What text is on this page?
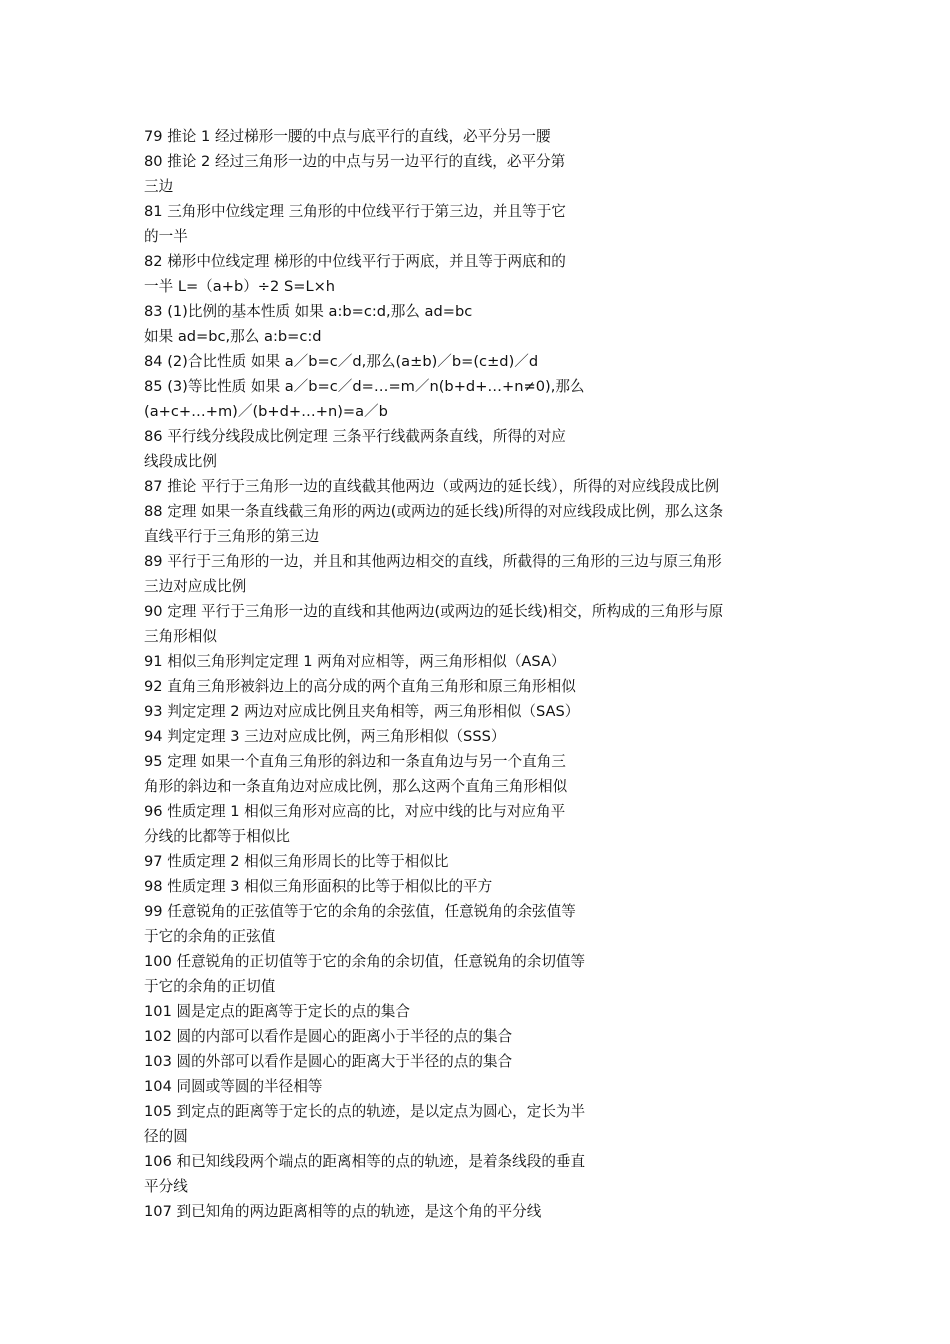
79 推论 1 经过梯形一腰的中点与底平行的直线，必平分另一腰
80 推论 2 经过三角形一边的中点与另一边平行的直线，必平分第
三边
81 三角形中位线定理 三角形的中位线平行于第三边，并且等于它
的一半
82 梯形中位线定理 梯形的中位线平行于两底，并且等于两底和的
一半 L=（a+b）÷2 S=L×h
83 (1)比例的基本性质 如果 a:b=c:d,那么 ad=bc
如果 ad=bc,那么 a:b=c:d
84 (2)合比性质 如果 a／b=c／d,那么(a±b)／b=(c±d)／d
85 (3)等比性质 如果 a／b=c／d=…=m／n(b+d+…+n≠0),那么
(a+c+…+m)／(b+d+…+n)=a／b
86 平行线分线段成比例定理 三条平行线截两条直线，所得的对应
线段成比例
87 推论 平行于三角形一边的直线截其他两边（或两边的延长线），所得的对应线段成比例
88 定理 如果一条直线截三角形的两边(或两边的延长线)所得的对应线段成比例，那么这条
直线平行于三角形的第三边
89 平行于三角形的一边，并且和其他两边相交的直线，所截得的三角形的三边与原三角形
三边对应成比例
90 定理 平行于三角形一边的直线和其他两边(或两边的延长线)相交，所构成的三角形与原
三角形相似
91 相似三角形判定定理 1 两角对应相等，两三角形相似（ASA）
92 直角三角形被斜边上的高分成的两个直角三角形和原三角形相似
93 判定定理 2 两边对应成比例且夹角相等，两三角形相似（SAS）
94 判定定理 3 三边对应成比例，两三角形相似（SSS）
95 定理 如果一个直角三角形的斜边和一条直角边与另一个直角三
角形的斜边和一条直角边对应成比例，那么这两个直角三角形相似
96 性质定理 1 相似三角形对应高的比，对应中线的比与对应角平
分线的比都等于相似比
97 性质定理 2 相似三角形周长的比等于相似比
98 性质定理 3 相似三角形面积的比等于相似比的平方
99 任意锐角的正弦值等于它的余角的余弦值，任意锐角的余弦值等
于它的余角的正弦值
100 任意锐角的正切值等于它的余角的余切值，任意锐角的余切值等
于它的余角的正切值
101 圆是定点的距离等于定长的点的集合
102 圆的内部可以看作是圆心的距离小于半径的点的集合
103 圆的外部可以看作是圆心的距离大于半径的点的集合
104 同圆或等圆的半径相等
105 到定点的距离等于定长的点的轨迹，是以定点为圆心，定长为半
径的圆
106 和已知线段两个端点的距离相等的点的轨迹，是着条线段的垂直
平分线
107 到已知角的两边距离相等的点的轨迹，是这个角的平分线
